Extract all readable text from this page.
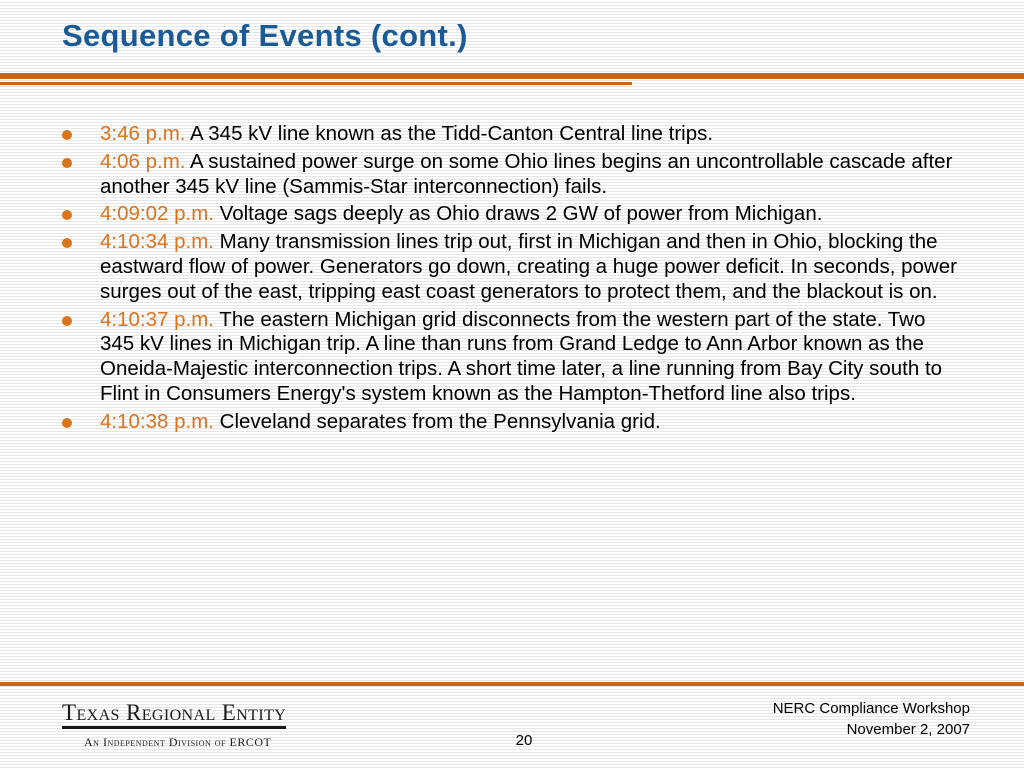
Sequence of Events (cont.)
3:46 p.m. A 345 kV line known as the Tidd-Canton Central line trips.
4:06 p.m. A sustained power surge on some Ohio lines begins an uncontrollable cascade after another 345 kV line (Sammis-Star interconnection) fails.
4:09:02 p.m. Voltage sags deeply as Ohio draws 2 GW of power from Michigan.
4:10:34 p.m. Many transmission lines trip out, first in Michigan and then in Ohio, blocking the eastward flow of power. Generators go down, creating a huge power deficit. In seconds, power surges out of the east, tripping east coast generators to protect them, and the blackout is on.
4:10:37 p.m. The eastern Michigan grid disconnects from the western part of the state. Two 345 kV lines in Michigan trip. A line than runs from Grand Ledge to Ann Arbor known as the Oneida-Majestic interconnection trips. A short time later, a line running from Bay City south to Flint in Consumers Energy's system known as the Hampton-Thetford line also trips.
4:10:38 p.m. Cleveland separates from the Pennsylvania grid.
Texas Regional Entity
An Independent Division of ERCOT	20
NERC Compliance Workshop
November 2, 2007
